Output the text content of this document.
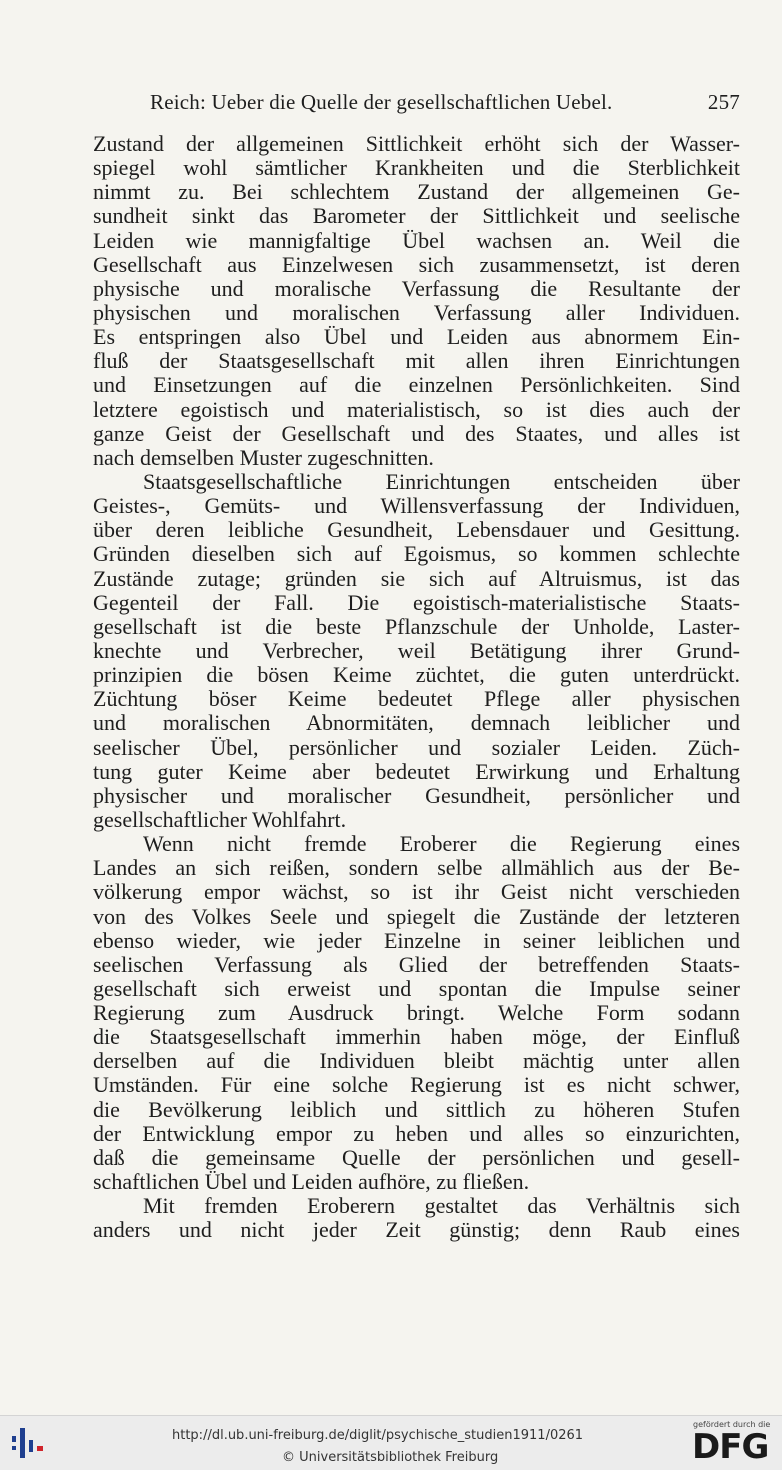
Reich: Ueber die Quelle der gesellschaftlichen Uebel.	257
Zustand der allgemeinen Sittlichkeit erhöht sich der Wasser-
spiegel wohl sämtlicher Krankheiten und die Sterblichkeit
nimmt zu. Bei schlechtem Zustand der allgemeinen Ge-
sundheit sinkt das Barometer der Sittlichkeit und seelische
Leiden wie mannigfaltige Übel wachsen an. Weil die
Gesellschaft aus Einzelwesen sich zusammensetzt, ist deren
physische und moralische Verfassung die Resultante der
physischen und moralischen Verfassung aller Individuen.
Es entspringen also Übel und Leiden aus abnormem Ein-
fluß der Staatsgesellschaft mit allen ihren Einrichtungen
und Einsetzungen auf die einzelnen Persönlichkeiten. Sind
letztere egoistisch und materialistisch, so ist dies auch der
ganze Geist der Gesellschaft und des Staates, und alles ist
nach demselben Muster zugeschnitten.
Staatsgesellschaftliche Einrichtungen entscheiden über
Geistes-, Gemüts- und Willensverfassung der Individuen,
über deren leibliche Gesundheit, Lebensdauer und Gesittung.
Gründen dieselben sich auf Egoismus, so kommen schlechte
Zustände zutage; gründen sie sich auf Altruismus, ist das
Gegenteil der Fall. Die egoistisch-materialistische Staats-
gesellschaft ist die beste Pflanzschule der Unholde, Laster-
knechte und Verbrecher, weil Betätigung ihrer Grund-
prinzipien die bösen Keime züchtet, die guten unterdrückt.
Züchtung böser Keime bedeutet Pflege aller physischen
und moralischen Abnormitäten, demnach leiblicher und
seelischer Übel, persönlicher und sozialer Leiden. Züch-
tung guter Keime aber bedeutet Erwirkung und Erhaltung
physischer und moralischer Gesundheit, persönlicher und
gesellschaftlicher Wohlfahrt.
Wenn nicht fremde Eroberer die Regierung eines
Landes an sich reißen, sondern selbe allmählich aus der Be-
völkerung empor wächst, so ist ihr Geist nicht verschieden
von des Volkes Seele und spiegelt die Zustände der letzteren
ebenso wieder, wie jeder Einzelne in seiner leiblichen und
seelischen Verfassung als Glied der betreffenden Staats-
gesellschaft sich erweist und spontan die Impulse seiner
Regierung zum Ausdruck bringt. Welche Form sodann
die Staatsgesellschaft immerhin haben möge, der Einfluß
derselben auf die Individuen bleibt mächtig unter allen
Umständen. Für eine solche Regierung ist es nicht schwer,
die Bevölkerung leiblich und sittlich zu höheren Stufen
der Entwicklung empor zu heben und alles so einzurichten,
daß die gemeinsame Quelle der persönlichen und gesell-
schaftlichen Übel und Leiden aufhöre, zu fließen.
Mit fremden Eroberern gestaltet das Verhältnis sich
anders und nicht jeder Zeit günstig; denn Raub eines
http://dl.ub.uni-freiburg.de/diglit/psychische_studien1911/0261
© Universitätsbibliothek Freiburg
gefördert durch die
DFG
